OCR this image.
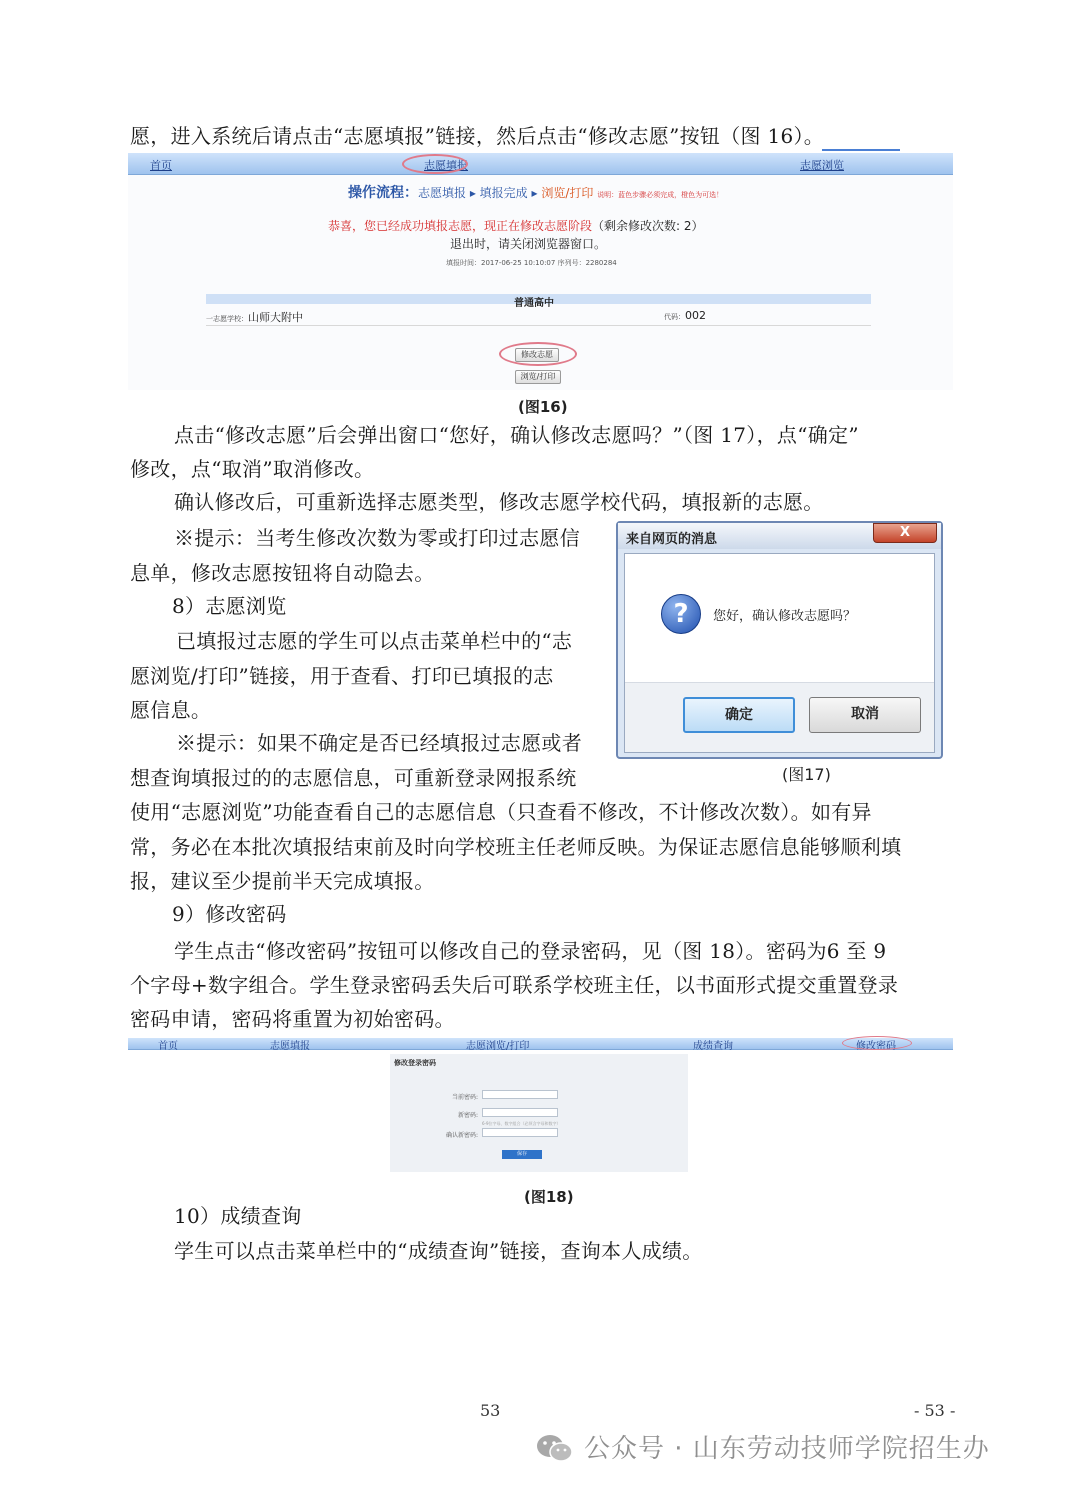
愿，进入系统后请点击“志愿填报”链接，然后点击“修改志愿”按钮（图 16）。
首页	志愿填报	志愿浏览
操作流程：志愿填报 ▸ 填报完成 ▸ 浏览/打印 说明：蓝色步骤必须完成，橙色为可选！
恭喜，您已经成功填报志愿，现正在修改志愿阶段（剩余修改次数: 2）
退出时，请关闭浏览器窗口。
填报时间：2017-06-25 10:10:07 序列号：2280284
普通高中
一志愿学校：山师大附中	代码：002
修改志愿
浏览/打印
(图16)
点击“修改志愿”后会弹出窗口“您好，确认修改志愿吗？”（图 17），点“确定”
修改，点“取消”取消修改。
确认修改后，可重新选择志愿类型，修改志愿学校代码，填报新的志愿。
※提示：当考生修改次数为零或打印过志愿信
息单，修改志愿按钮将自动隐去。
8）志愿浏览
已填报过志愿的学生可以点击菜单栏中的“志
愿浏览/打印”链接，用于查看、打印已填报的志
愿信息。
※提示：如果不确定是否已经填报过志愿或者
想查询填报过的的志愿信息，可重新登录网报系统
来自网页的消息	X
?	您好，确认修改志愿吗？
确定	取消
(图17)
使用“志愿浏览”功能查看自己的志愿信息（只查看不修改，不计修改次数）。如有异
常，务必在本批次填报结束前及时向学校班主任老师反映。为保证志愿信息能够顺利填
报，建议至少提前半天完成填报。
9）修改密码
学生点击“修改密码”按钮可以修改自己的登录密码，见（图 18）。密码为6 至 9
个字母+数字组合。学生登录密码丢失后可联系学校班主任，以书面形式提交重置登录
密码申请，密码将重置为初始密码。
首页	志愿填报	志愿浏览/打印	成绩查询	修改密码
修改登录密码
当前密码:
新密码:
6-9位字母、数字组合（必须含字母和数字）
确认新密码:
保存
(图18)
10）成绩查询
学生可以点击菜单栏中的“成绩查询”链接，查询本人成绩。
53	- 53 -
公众号 · 山东劳动技师学院招生办
